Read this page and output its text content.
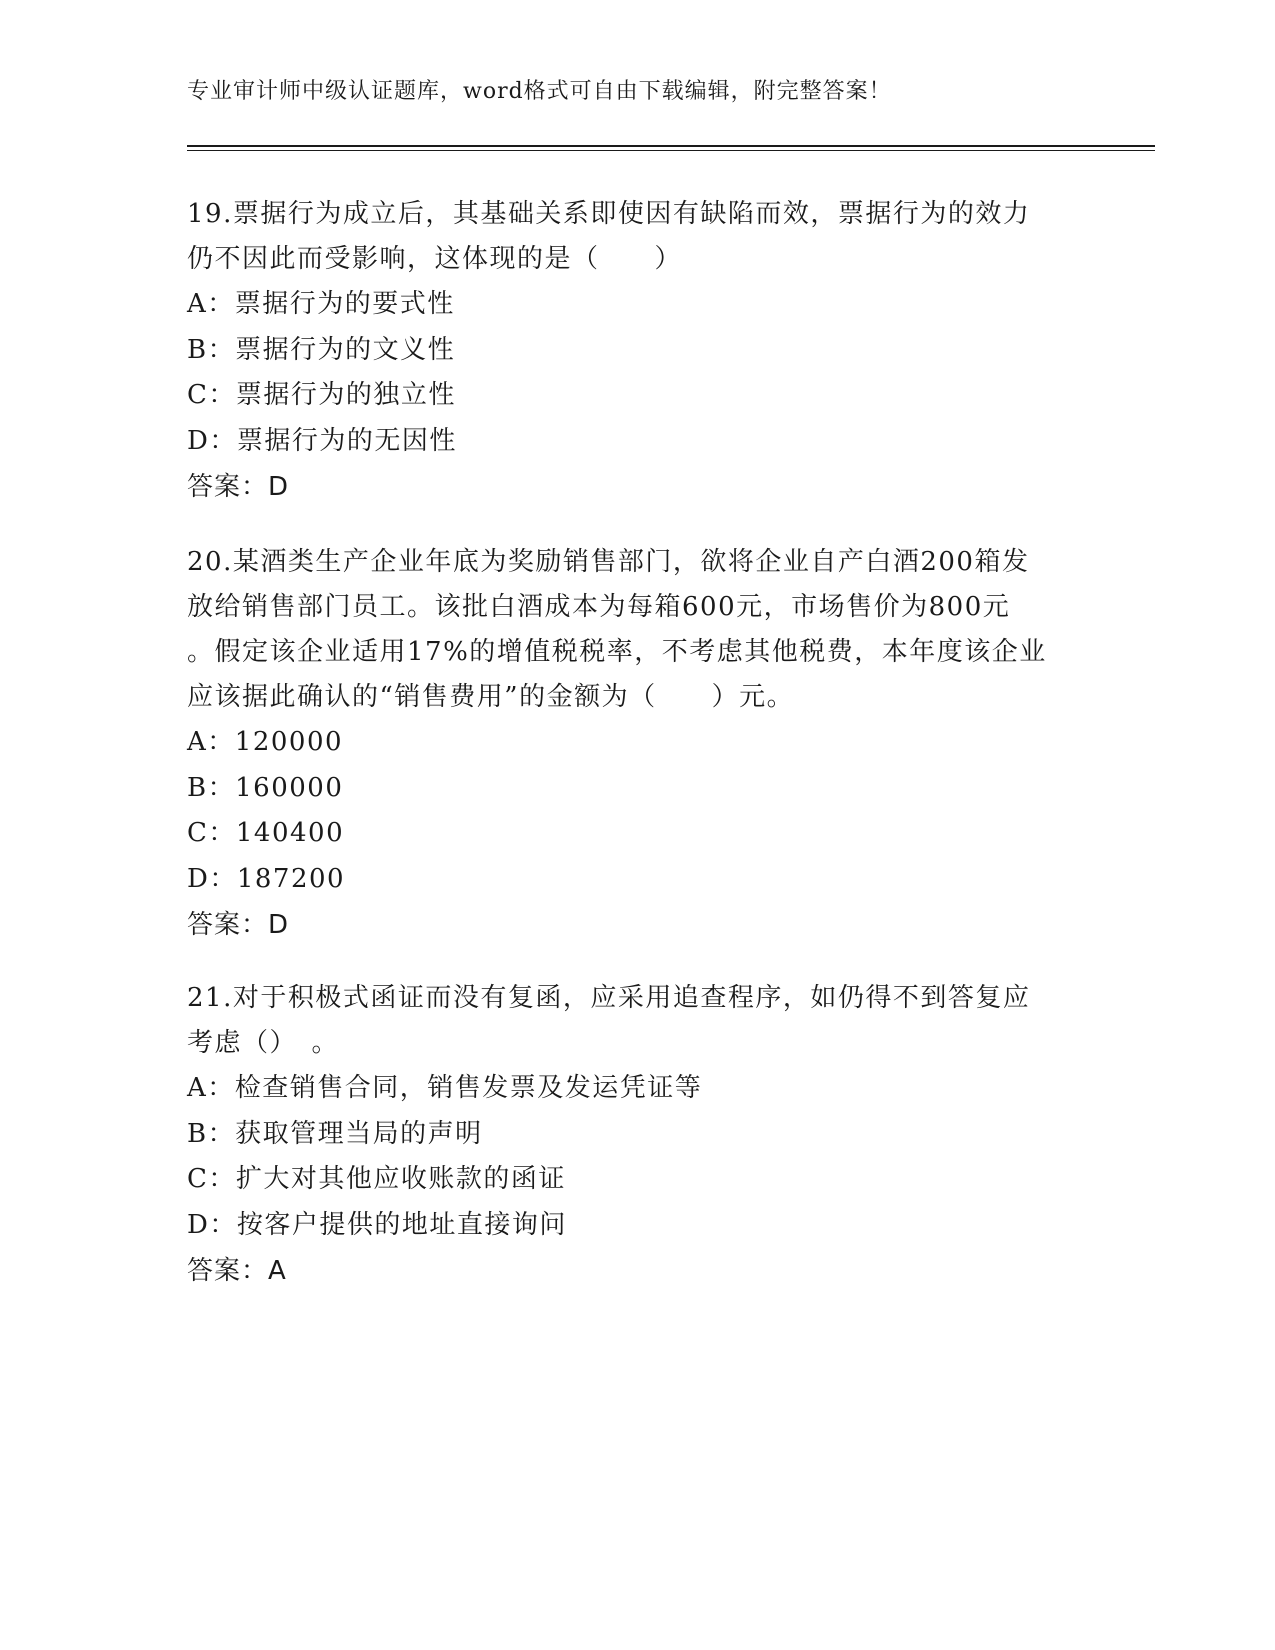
专业审计师中级认证题库，word格式可自由下载编辑，附完整答案！
19.票据行为成立后，其基础关系即使因有缺陷而效，票据行为的效力
仍不因此而受影响，这体现的是（　　）
A：票据行为的要式性
B：票据行为的文义性
C：票据行为的独立性
D：票据行为的无因性
答案：D
20.某酒类生产企业年底为奖励销售部门，欲将企业自产白酒200箱发
放给销售部门员工。该批白酒成本为每箱600元，市场售价为800元
。假定该企业适用17%的增值税税率，不考虑其他税费，本年度该企业
应该据此确认的“销售费用”的金额为（　　）元。
A：120000
B：160000
C：140400
D：187200
答案：D
21.对于积极式函证而没有复函，应采用追查程序，如仍得不到答复应
考虑（）　。
A：检查销售合同，销售发票及发运凭证等
B：获取管理当局的声明
C：扩大对其他应收账款的函证
D：按客户提供的地址直接询问
答案：A
